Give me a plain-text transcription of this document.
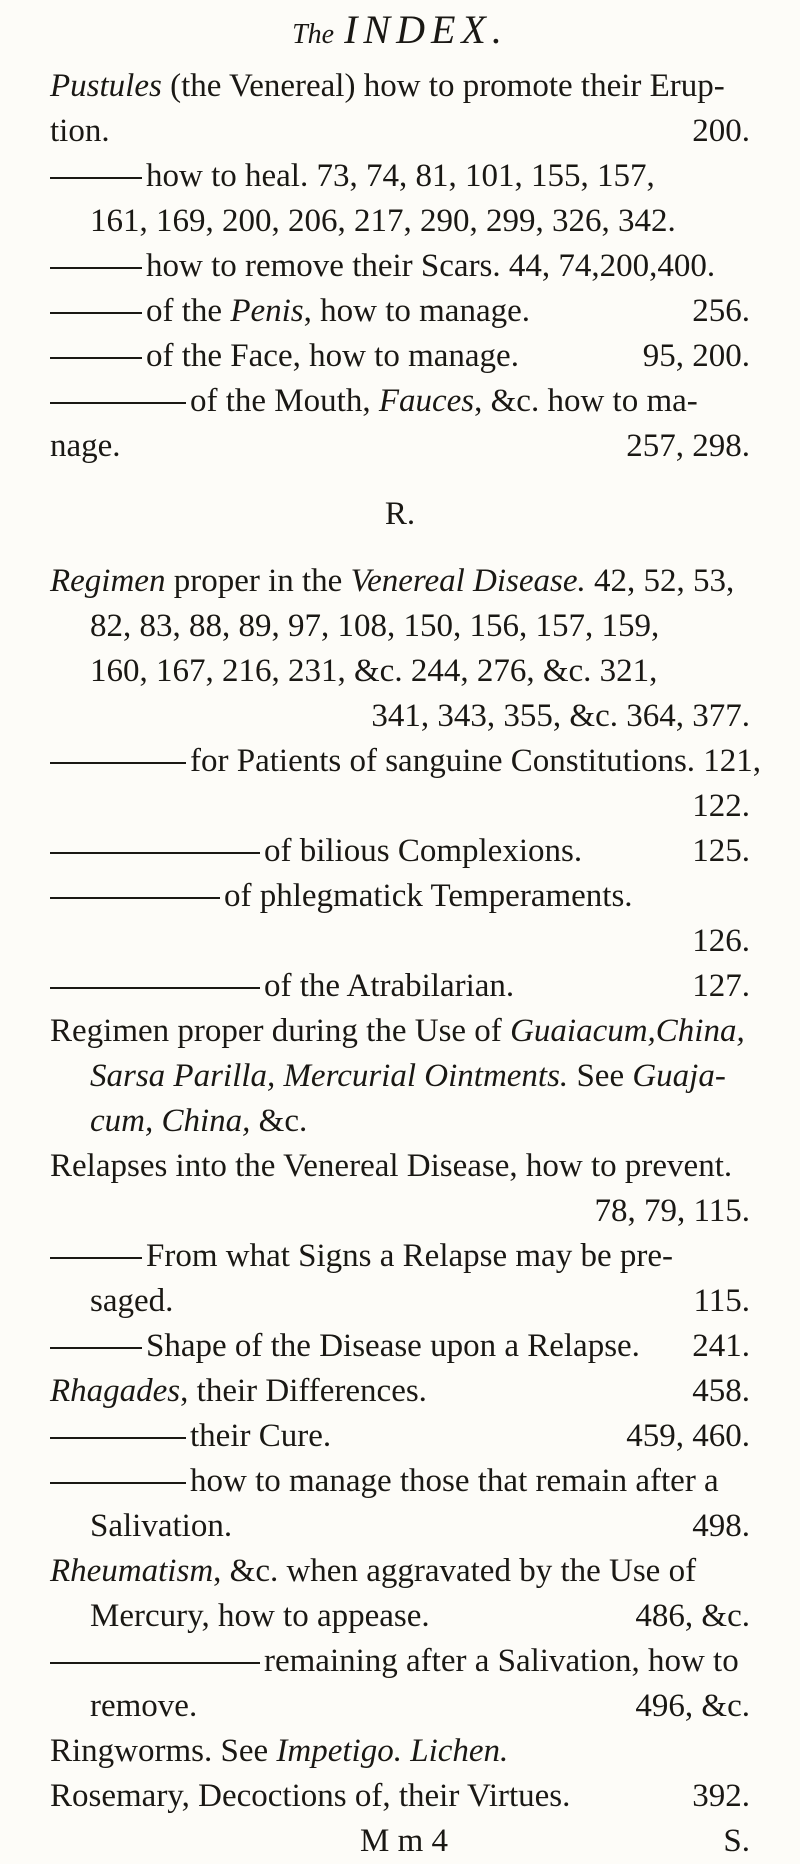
The INDEX.
Pustules (the Venereal) how to promote their Erup-
tion.	200.
how to heal. 73, 74, 81, 101, 155, 157,
161, 169, 200, 206, 217, 290, 299, 326, 342.
how to remove their Scars. 44, 74,200,400.
of the Penis, how to manage.	256.
of the Face, how to manage.	95, 200.
of the Mouth, Fauces, &c. how to ma-
nage.	257, 298.
R.
Regimen proper in the Venereal Disease. 42, 52, 53,
82, 83, 88, 89, 97, 108, 150, 156, 157, 159,
160, 167, 216, 231, &c. 244, 276, &c. 321,
341, 343, 355, &c. 364, 377.
for Patients of sanguine Constitutions. 121,
122.
of bilious Complexions.	125.
of phlegmatick Temperaments.
126.
of the Atrabilarian.	127.
Regimen proper during the Use of Guaiacum,China,
Sarsa Parilla, Mercurial Ointments. See Guaja-
cum, China, &c.
Relapses into the Venereal Disease, how to prevent.
78, 79, 115.
From what Signs a Relapse may be pre-
saged.	115.
Shape of the Disease upon a Relapse. 241.
Rhagades, their Differences.	458.
their Cure.	459, 460.
how to manage those that remain after a
Salivation.	498.
Rheumatism, &c. when aggravated by the Use of
Mercury, how to appease.	486, &c.
remaining after a Salivation, how to
remove.	496, &c.
Ringworms. See Impetigo. Lichen.
Rosemary, Decoctions of, their Virtues.	392.
M m 4	S.
